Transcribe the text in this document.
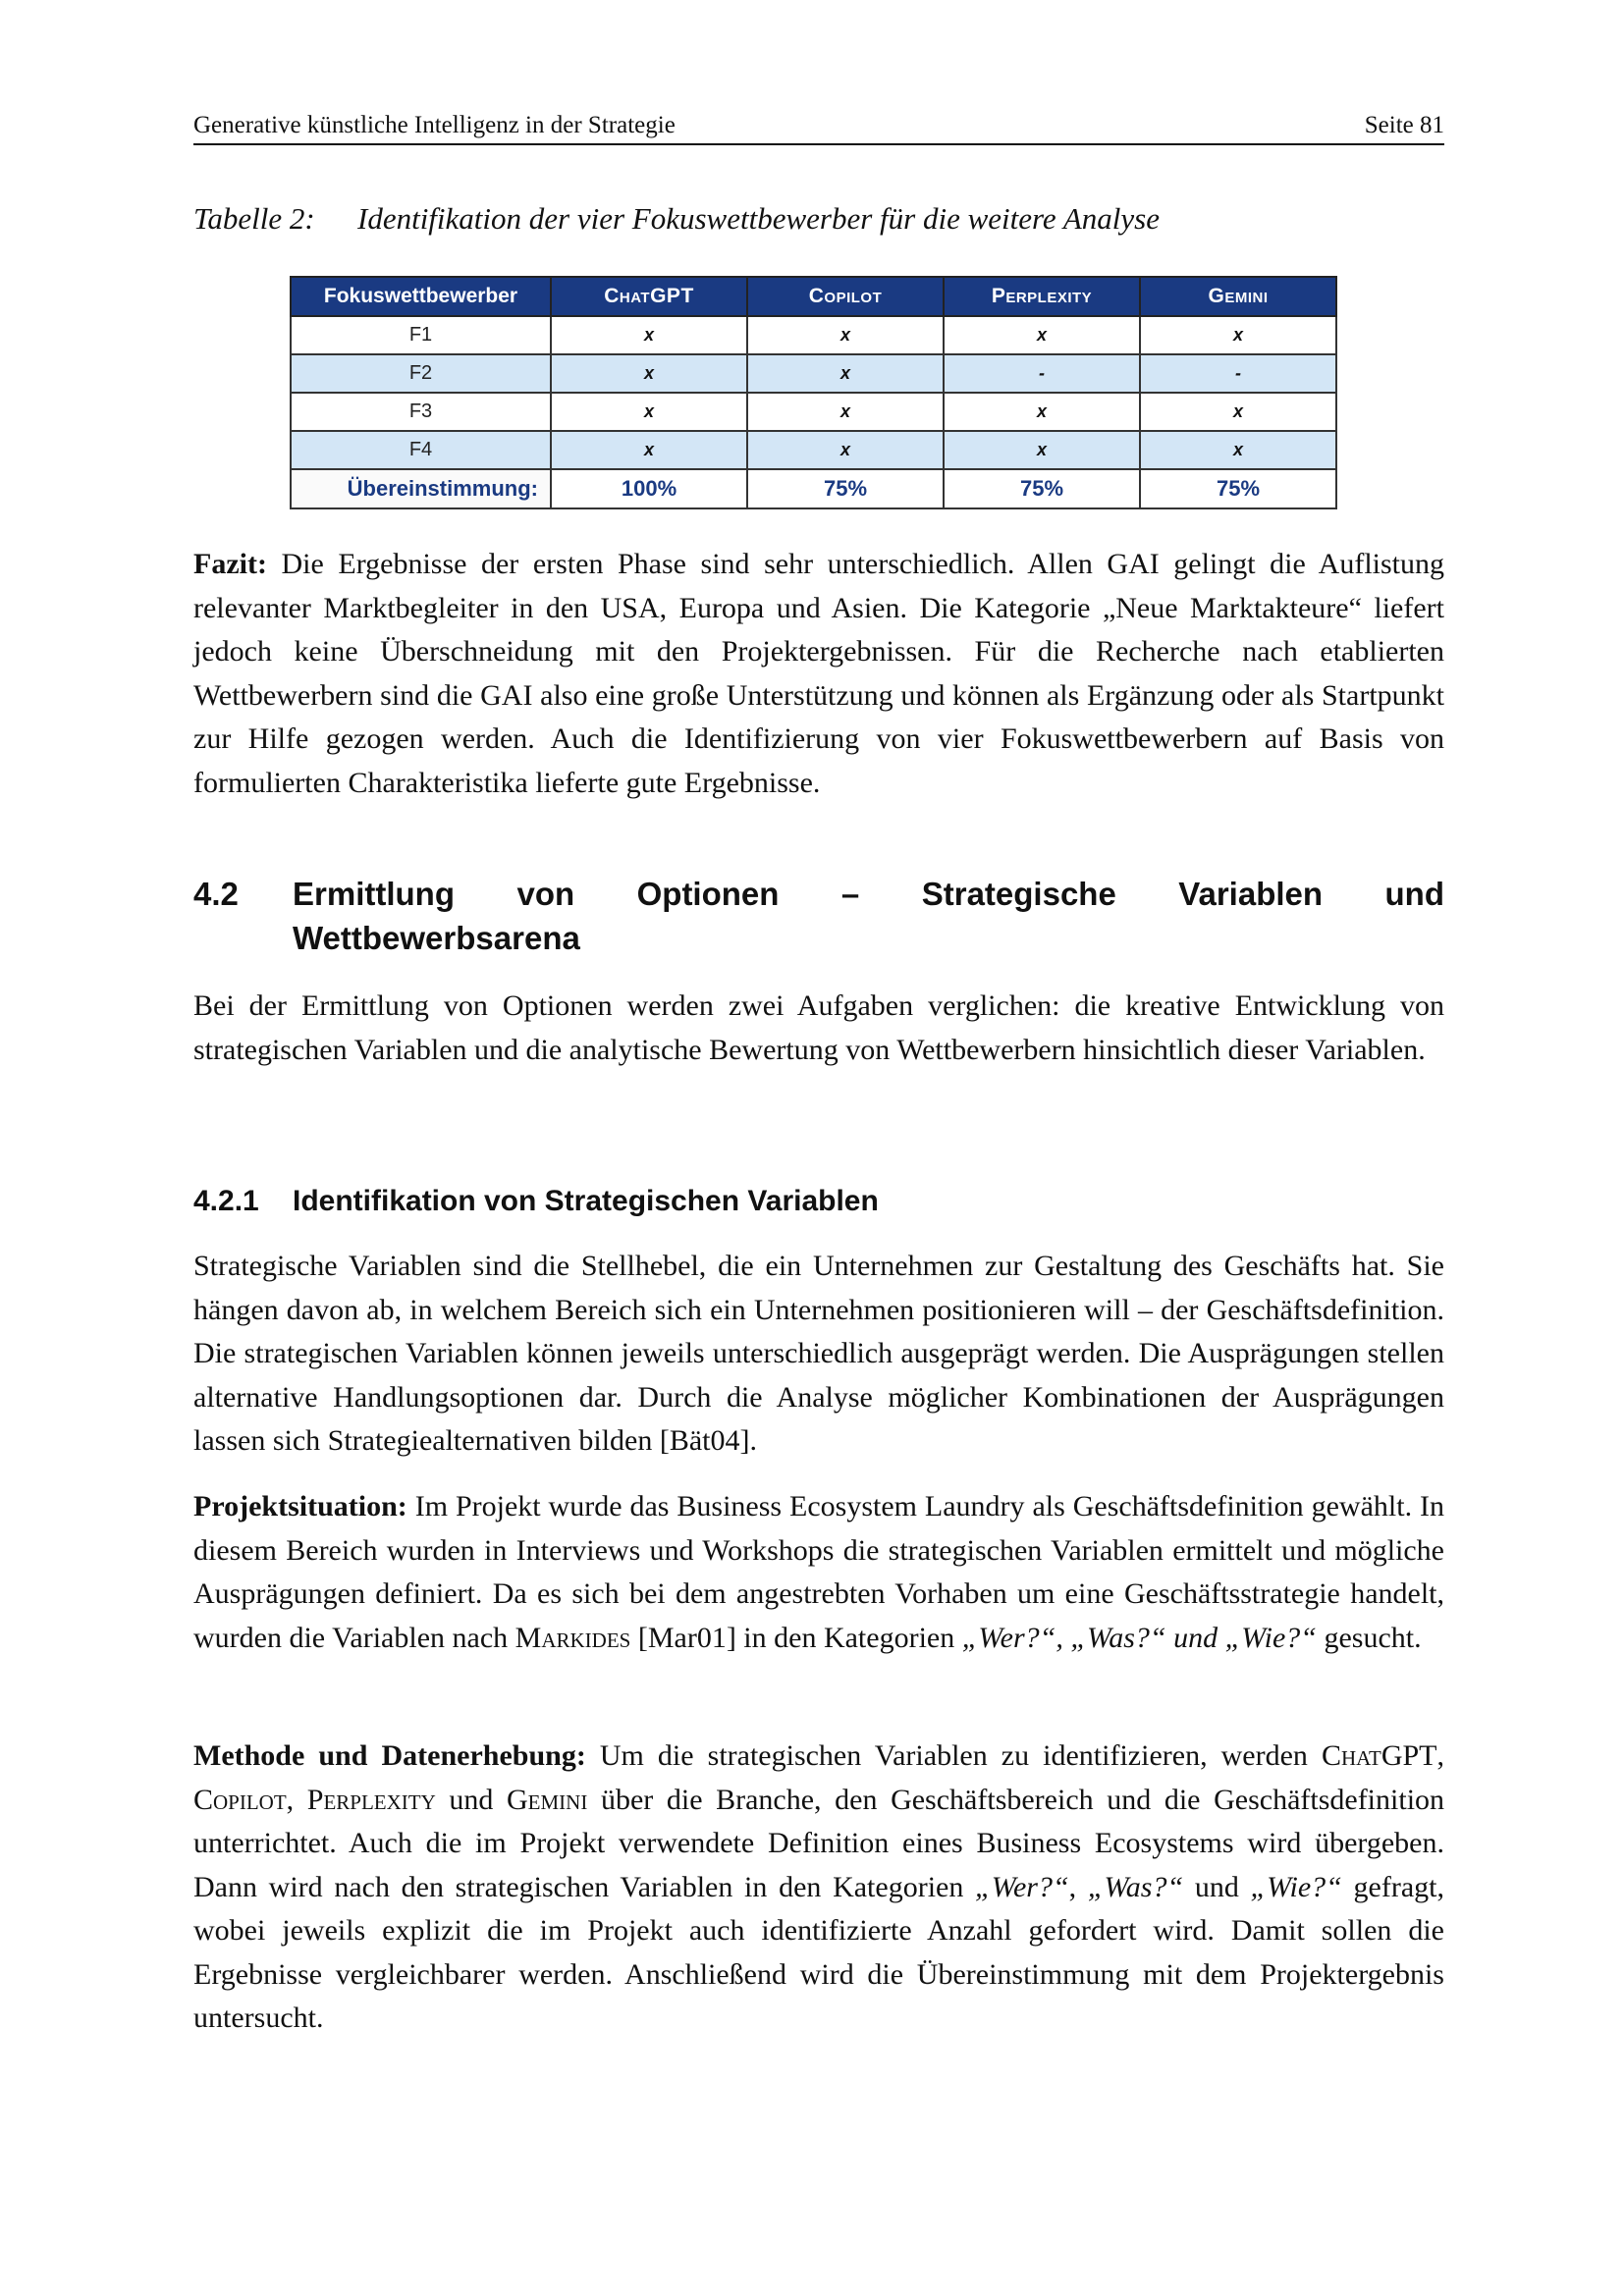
Generative künstliche Intelligenz in der Strategie	Seite 81
Tabelle 2: Identifikation der vier Fokuswettbewerber für die weitere Analyse
Fokuswettbewerber	ChatGPT	Copilot	Perplexity	Gemini
F1	x	x	x	x
F2	x	x	-	-
F3	x	x	x	x
F4	x	x	x	x
Übereinstimmung:	100%	75%	75%	75%

Fazit: Die Ergebnisse der ersten Phase sind sehr unterschiedlich. Allen GAI gelingt die Auflistung relevanter Marktbegleiter in den USA, Europa und Asien. Die Kategorie „Neue Marktakteure“ liefert jedoch keine Überschneidung mit den Projektergebnissen. Für die Recherche nach etablierten Wettbewerbern sind die GAI also eine große Unterstützung und können als Ergänzung oder als Startpunkt zur Hilfe gezogen werden. Auch die Identifizierung von vier Fokuswettbewerbern auf Basis von formulierten Charakteristika lieferte gute Ergebnisse.

4.2 Ermittlung von Optionen – Strategische Variablen und Wettbewerbsarena

Bei der Ermittlung von Optionen werden zwei Aufgaben verglichen: die kreative Entwicklung von strategischen Variablen und die analytische Bewertung von Wettbewerbern hinsichtlich dieser Variablen.

4.2.1 Identifikation von Strategischen Variablen

Strategische Variablen sind die Stellhebel, die ein Unternehmen zur Gestaltung des Geschäfts hat. Sie hängen davon ab, in welchem Bereich sich ein Unternehmen positionieren will – der Geschäftsdefinition. Die strategischen Variablen können jeweils unterschiedlich ausgeprägt werden. Die Ausprägungen stellen alternative Handlungsoptionen dar. Durch die Analyse möglicher Kombinationen der Ausprägungen lassen sich Strategiealternativen bilden [Bät04].

Projektsituation: Im Projekt wurde das Business Ecosystem Laundry als Geschäftsdefinition gewählt. In diesem Bereich wurden in Interviews und Workshops die strategischen Variablen ermittelt und mögliche Ausprägungen definiert. Da es sich bei dem angestrebten Vorhaben um eine Geschäftsstrategie handelt, wurden die Variablen nach Markides [Mar01] in den Kategorien „Wer?“, „Was?“ und „Wie?“ gesucht.

Methode und Datenerhebung: Um die strategischen Variablen zu identifizieren, werden ChatGPT, Copilot, Perplexity und Gemini über die Branche, den Geschäftsbereich und die Geschäftsdefinition unterrichtet. Auch die im Projekt verwendete Definition eines Business Ecosystems wird übergeben. Dann wird nach den strategischen Variablen in den Kategorien „Wer?“, „Was?“ und „Wie?“ gefragt, wobei jeweils explizit die im Projekt auch identifizierte Anzahl gefordert wird. Damit sollen die Ergebnisse vergleichbarer werden. Anschließend wird die Übereinstimmung mit dem Projektergebnis untersucht.
